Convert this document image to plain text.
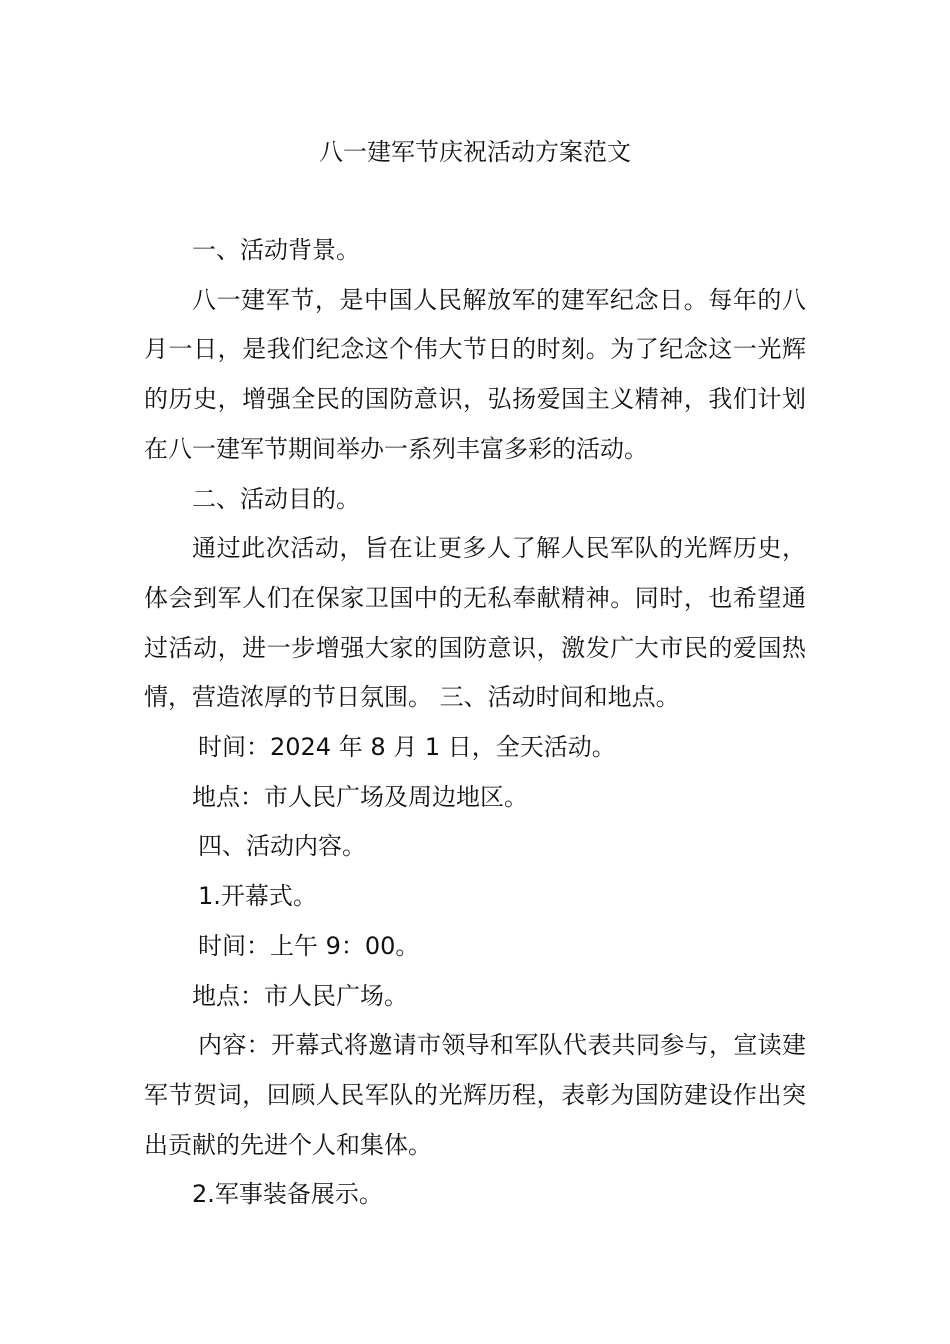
八一建军节庆祝活动方案范文

一、活动背景。

八一建军节，是中国人民解放军的建军纪念日。每年的八月一日，是我们纪念这个伟大节日的时刻。为了纪念这一光辉的历史，增强全民的国防意识，弘扬爱国主义精神，我们计划在八一建军节期间举办一系列丰富多彩的活动。

二、活动目的。

通过此次活动，旨在让更多人了解人民军队的光辉历史，体会到军人们在保家卫国中的无私奉献精神。同时，也希望通过活动，进一步增强大家的国防意识，激发广大市民的爱国热情，营造浓厚的节日氛围。 三、活动时间和地点。

时间：2024 年 8 月 1 日，全天活动。

地点：市人民广场及周边地区。

四、活动内容。

1.开幕式。

时间：上午 9：00。

地点：市人民广场。

内容：开幕式将邀请市领导和军队代表共同参与，宣读建军节贺词，回顾人民军队的光辉历程，表彰为国防建设作出突出贡献的先进个人和集体。

2.军事装备展示。
